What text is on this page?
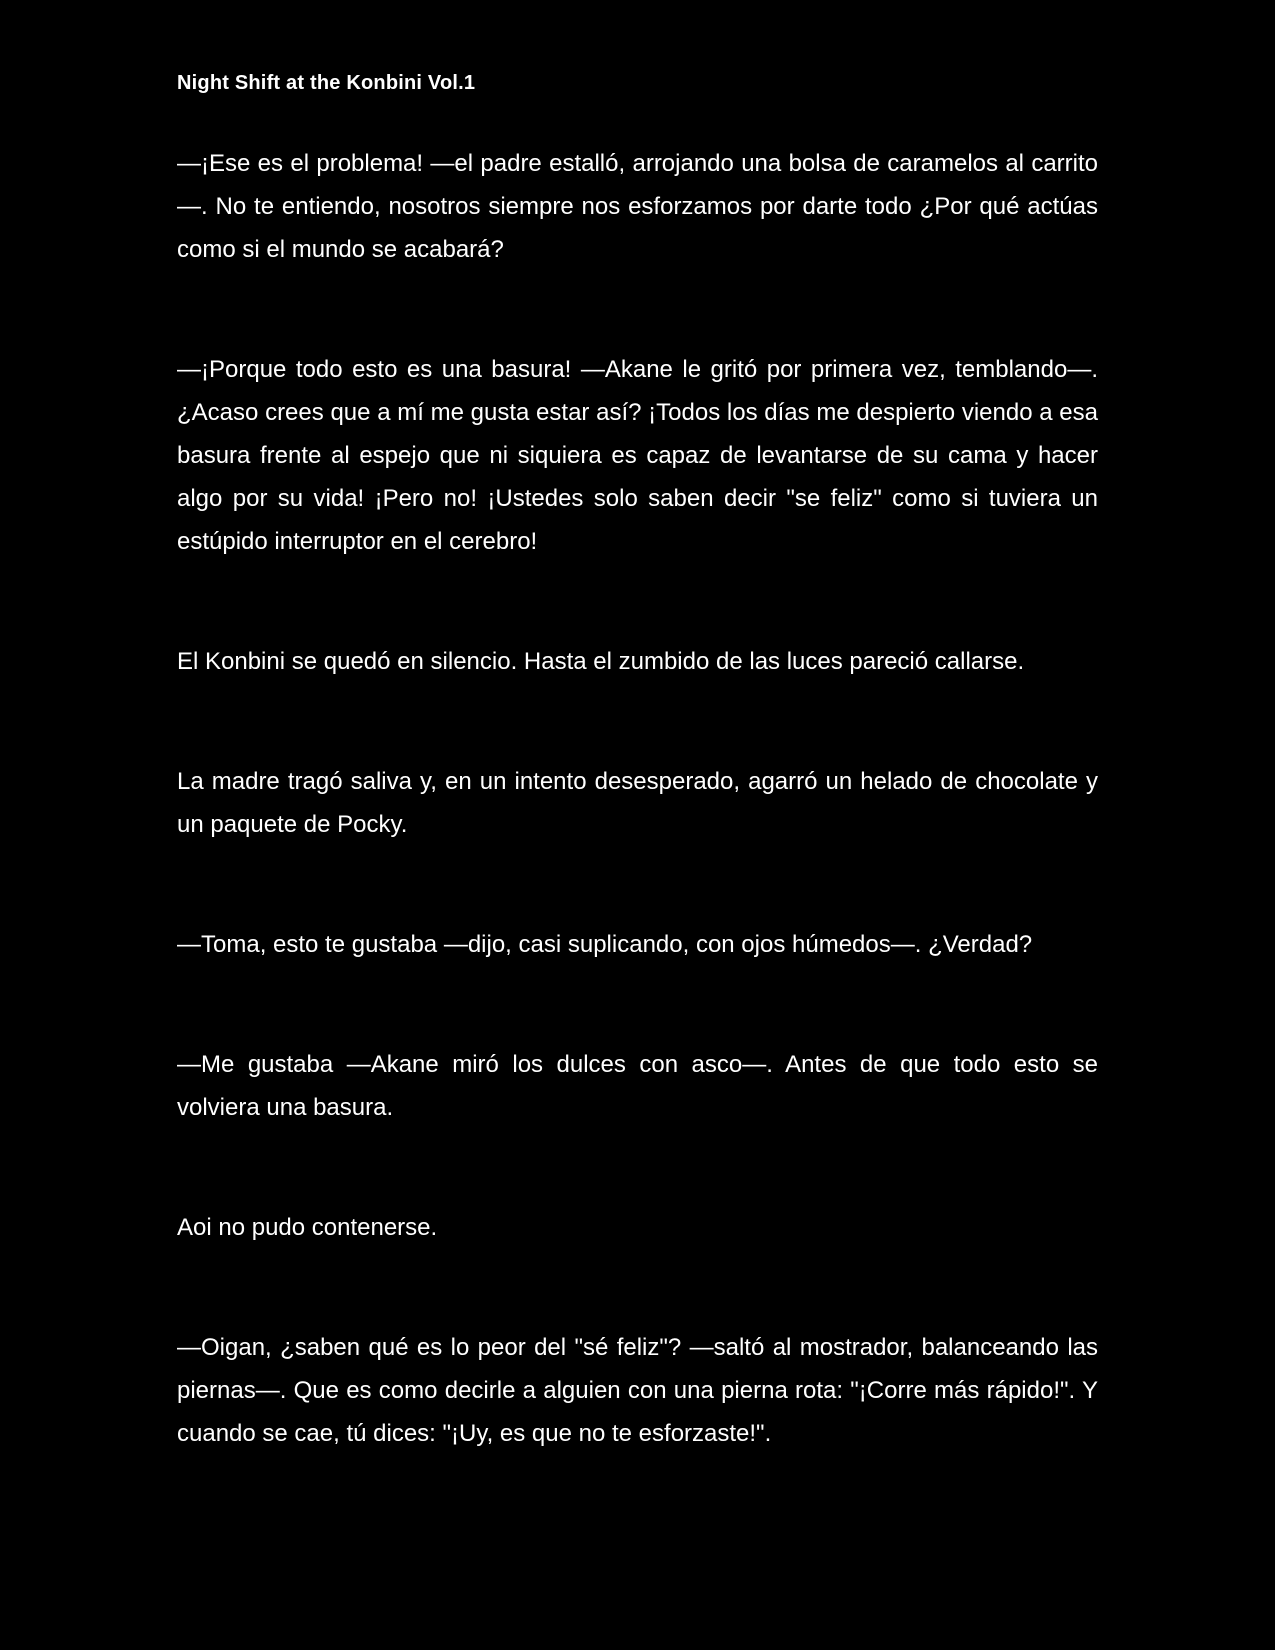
Night Shift at the Konbini Vol.1

—¡Ese es el problema! —el padre estalló, arrojando una bolsa de caramelos al carrito—. No te entiendo, nosotros siempre nos esforzamos por darte todo ¿Por qué actúas como si el mundo se acabará?

—¡Porque todo esto es una basura! —Akane le gritó por primera vez, temblando—. ¿Acaso crees que a mí me gusta estar así? ¡Todos los días me despierto viendo a esa basura frente al espejo que ni siquiera es capaz de levantarse de su cama y hacer algo por su vida! ¡Pero no! ¡Ustedes solo saben decir "se feliz" como si tuviera un estúpido interruptor en el cerebro!

El Konbini se quedó en silencio. Hasta el zumbido de las luces pareció callarse.

La madre tragó saliva y, en un intento desesperado, agarró un helado de chocolate y un paquete de Pocky.

—Toma, esto te gustaba —dijo, casi suplicando, con ojos húmedos—. ¿Verdad?

—Me gustaba —Akane miró los dulces con asco—. Antes de que todo esto se volviera una basura.

Aoi no pudo contenerse.

—Oigan, ¿saben qué es lo peor del "sé feliz"? —saltó al mostrador, balanceando las piernas—. Que es como decirle a alguien con una pierna rota: "¡Corre más rápido!". Y cuando se cae, tú dices: "¡Uy, es que no te esforzaste!".
